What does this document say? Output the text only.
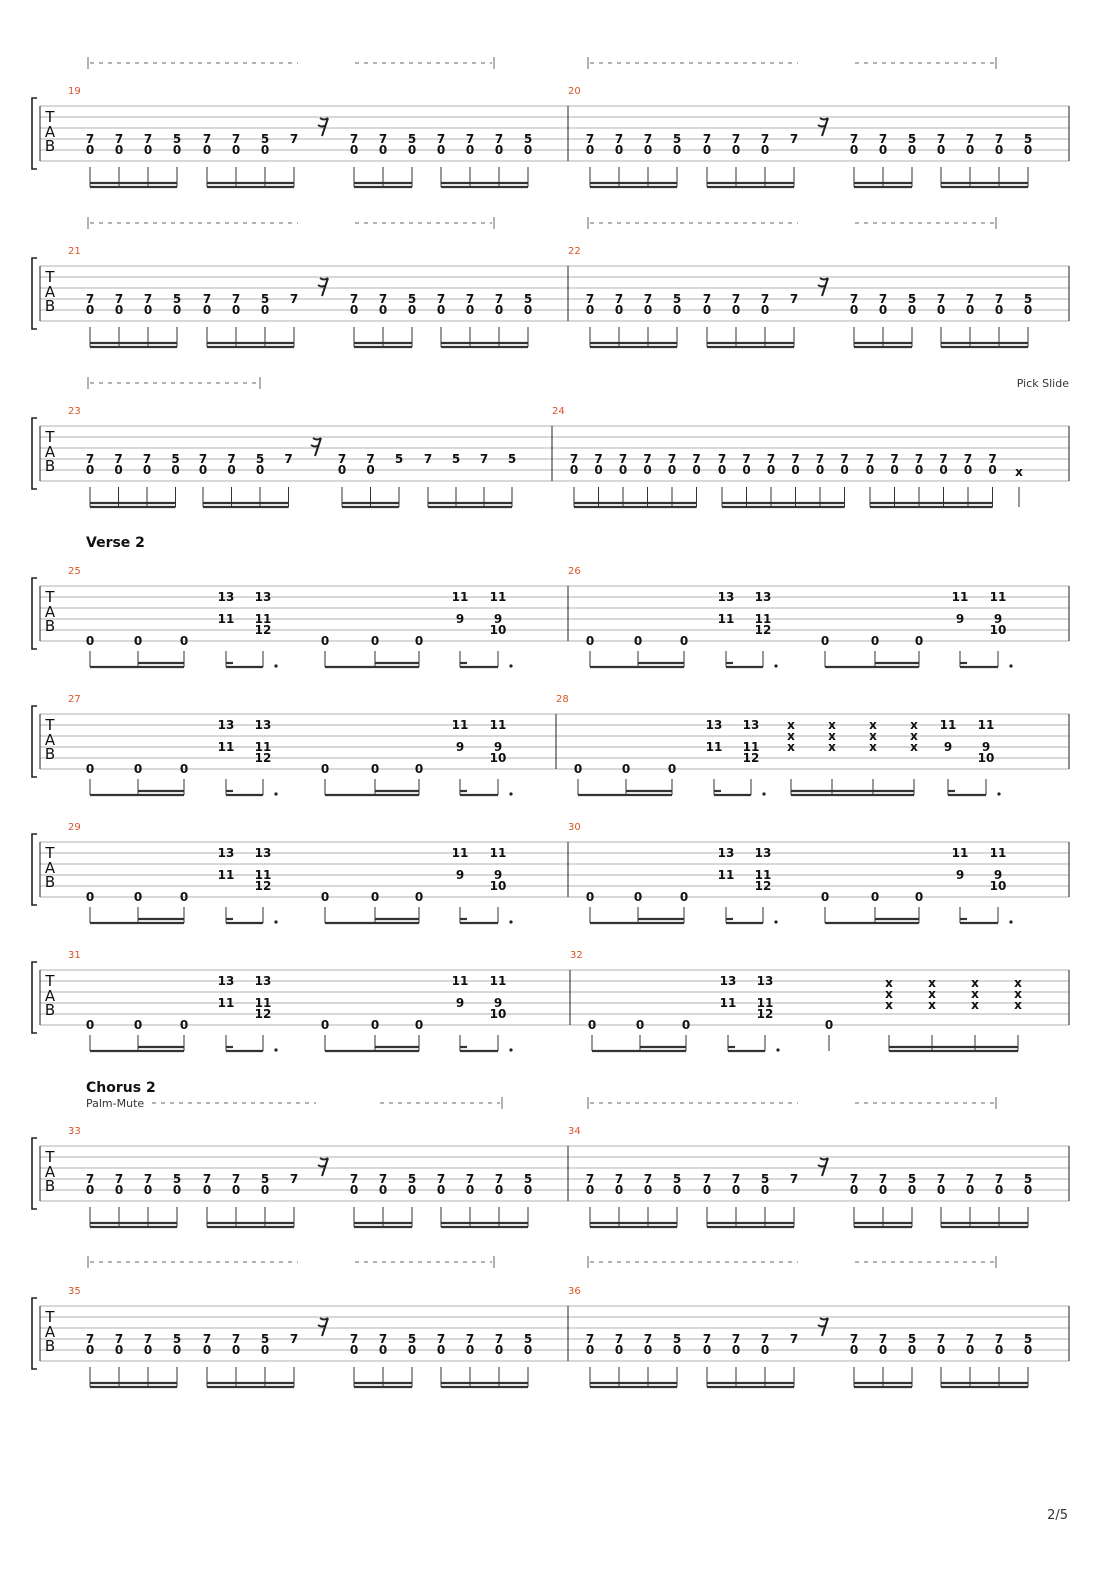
T
A
B
19	20
7
0
7
0
7
0
5
0
7
0
7
0
5
0
7	7
0
7
0
5
0
7
0
7
0
7
0
5
0
7
0
7
0
7
0
5
0
7
0
7
0
7
0
7	7
0
7
0
5
0
7
0
7
0
7
0
5
0
T
A
B
21	22
7
0
7
0
7
0
5
0
7
0
7
0
5
0
7	7
0
7
0
5
0
7
0
7
0
7
0
5
0
7
0
7
0
7
0
5
0
7
0
7
0
7
0
7	7
0
7
0
5
0
7
0
7
0
7
0
5
0
T
A
B
23	24
Pick Slide
7
0
7
0
7
0
5
0
7
0
7
0
5
0
7	7
0
7
0
5 7 5 7 5	7
0
7
0
7
0
7
0
7
0
7
0
7
0
7
0
7
0
7
0
7
0
7
0
7
0
7
0
7
0
7
0
7
0
7
0 x
Verse 2
T
A
B
25	26
0	0	0
13
11
13
11
12
0	0	0
11
9
11
9
10
0	0	0
13
11
13
11
12
0	0	0
11
9
11
9
10
T
A
B
27	28
0	0	0
13
11
13
11
12
0	0	0
11
9
11
9
10
0	0	0
13
11
13
11
12
x
x
x
x
x
x
x
x
x
x
x
x
11
9
11
9
10
T
A
B
29	30
0	0	0
13
11
13
11
12
0	0	0
11
9
11
9
10
0	0	0
13
11
13
11
12
0	0	0
11
9
11
9
10
T
A
B
31	32
0	0	0
13
11
13
11
12
0	0	0
11
9
11
9
10
0	0	0
13
11
13
11
12
0
x
x
x
x
x
x
x
x
x
x
x
x
Chorus 2
Palm-Mute
T
A
B
33	34
7
0
7
0
7
0
5
0
7
0
7
0
5
0
7	7
0
7
0
5
0
7
0
7
0
7
0
5
0
7
0
7
0
7
0
5
0
7
0
7
0
5
0
7	7
0
7
0
5
0
7
0
7
0
7
0
5
0
T
A
B
35	36
7
0
7
0
7
0
5
0
7
0
7
0
5
0
7	7
0
7
0
5
0
7
0
7
0
7
0
5
0
7
0
7
0
7
0
5
0
7
0
7
0
7
0
7	7
0
7
0
5
0
7
0
7
0
7
0
5
0
2/5
